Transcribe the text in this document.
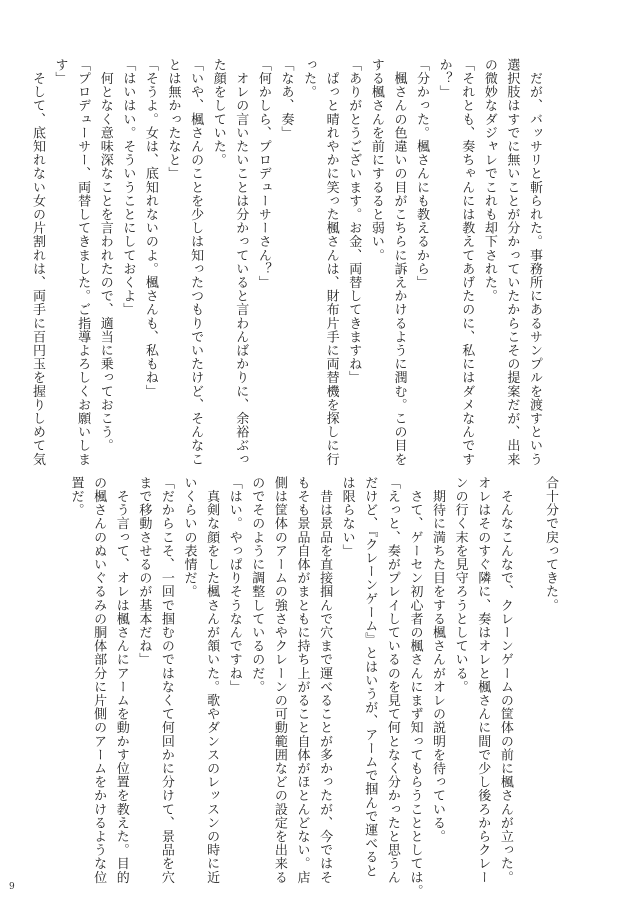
　だが、バッサリと斬られた。事務所にあるサンプルを渡すという
選択肢はすでに無いことが分かっていたからこその提案だが、出来
の微妙なダジャレでこれも却下された。
「それとも、奏ちゃんには教えてあげたのに、私にはダメなんです
か？」
「分かった。楓さんにも教えるから」
　楓さんの色違いの目がこちらに訴えかけるように潤む。この目を
する楓さんを前にするると弱い。
「ありがとうございます。お金、両替してきますね」
　ぱっと晴れやかに笑った楓さんは、財布片手に両替機を探しに行
った。
「なあ、奏」
「何かしら、プロデューサーさん？」
　オレの言いたいことは分かっていると言わんばかりに、余裕ぶっ
た顔をしていた。
「いや、楓さんのことを少しは知ったつもりでいたけど、そんなこ
とは無かったなと」
「そうよ。女は、底知れないのよ。楓さんも、私もね」
「はいはい。そういうことにしておくよ」
　何となく意味深なことを言われたので、適当に乗っておこう。
「プロデューサー、両替してきました。ご指導よろしくお願いしま
す」
　そして、底知れない女の片割れは、両手に百円玉を握りしめて気
合十分で戻ってきた。

　そんなこんなで、クレーンゲームの筐体の前に楓さんが立った。
オレはそのすぐ隣に、奏はオレと楓さんに間で少し後ろからクレー
ンの行く末を見守ろうとしている。
　期待に満ちた目をする楓さんがオレの説明を待っている。
　さて、ゲーセン初心者の楓さんにまず知ってもらうこととしては。
「えっと、奏がプレイしているのを見て何となく分かったと思うん
だけど、『クレーンゲーム』とはいうが、アームで掴んで運べると
は限らない」
　昔は景品を直接掴んで穴まで運べることが多かったが、今ではそ
もそも景品自体がまともに持ち上がること自体がほとんどない。店
側は筐体のアームの強さやクレーンの可動範囲などの設定を出来る
のでそのように調整しているのだ。
「はい。やっぱりそうなんですね」
　真剣な顔をした楓さんが頷いた。歌やダンスのレッスンの時に近
いくらいの表情だ。
「だからこそ、一回で掴むのではなくて何回かに分けて、景品を穴
まで移動させるのが基本だね」
　そう言って、オレは楓さんにアームを動かす位置を教えた。目的
の楓さんのぬいぐるみの胴体部分に片側のアームをかけるような位
置だ。
9
